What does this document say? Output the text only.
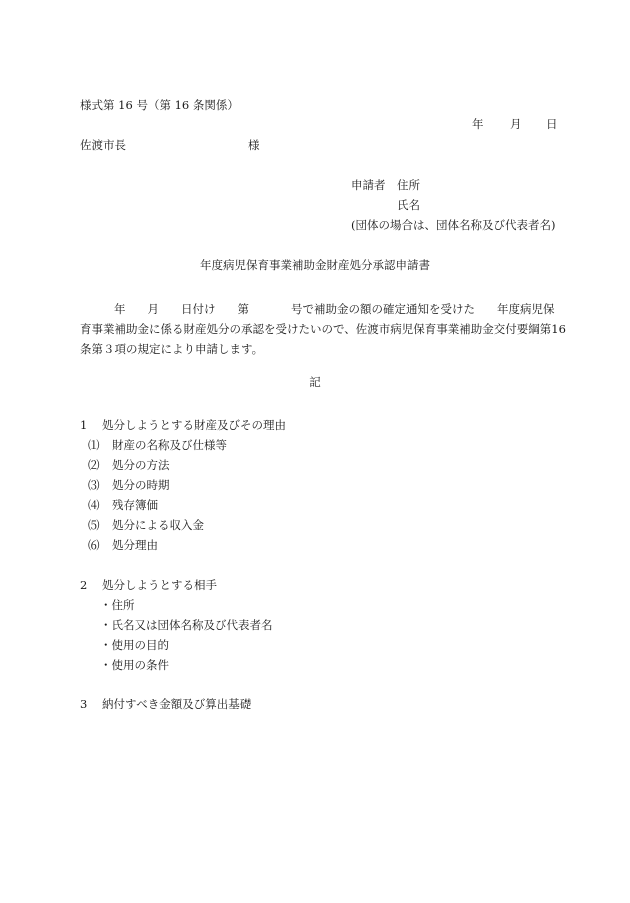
様式第 16 号（第 16 条関係）
年 月 日
佐渡市長	様
申請者 住所
氏名
(団体の場合は、団体名称及び代表者名)
年度病児保育事業補助金財産処分承認申請書
年 月 日付け 第	号で補助金の額の確定通知を受けた 年度病児保
育事業補助金に係る財産処分の承認を受けたいので、佐渡市病児保育事業補助金交付要綱第16
条第３項の規定により申請します。
記
1 処分しようとする財産及びその理由
⑴ 財産の名称及び仕様等
⑵ 処分の方法
⑶ 処分の時期
⑷ 残存簿価
⑸ 処分による収入金
⑹ 処分理由
2 処分しようとする相手
・住所
・氏名又は団体名称及び代表者名
・使用の目的
・使用の条件
3 納付すべき金額及び算出基礎
